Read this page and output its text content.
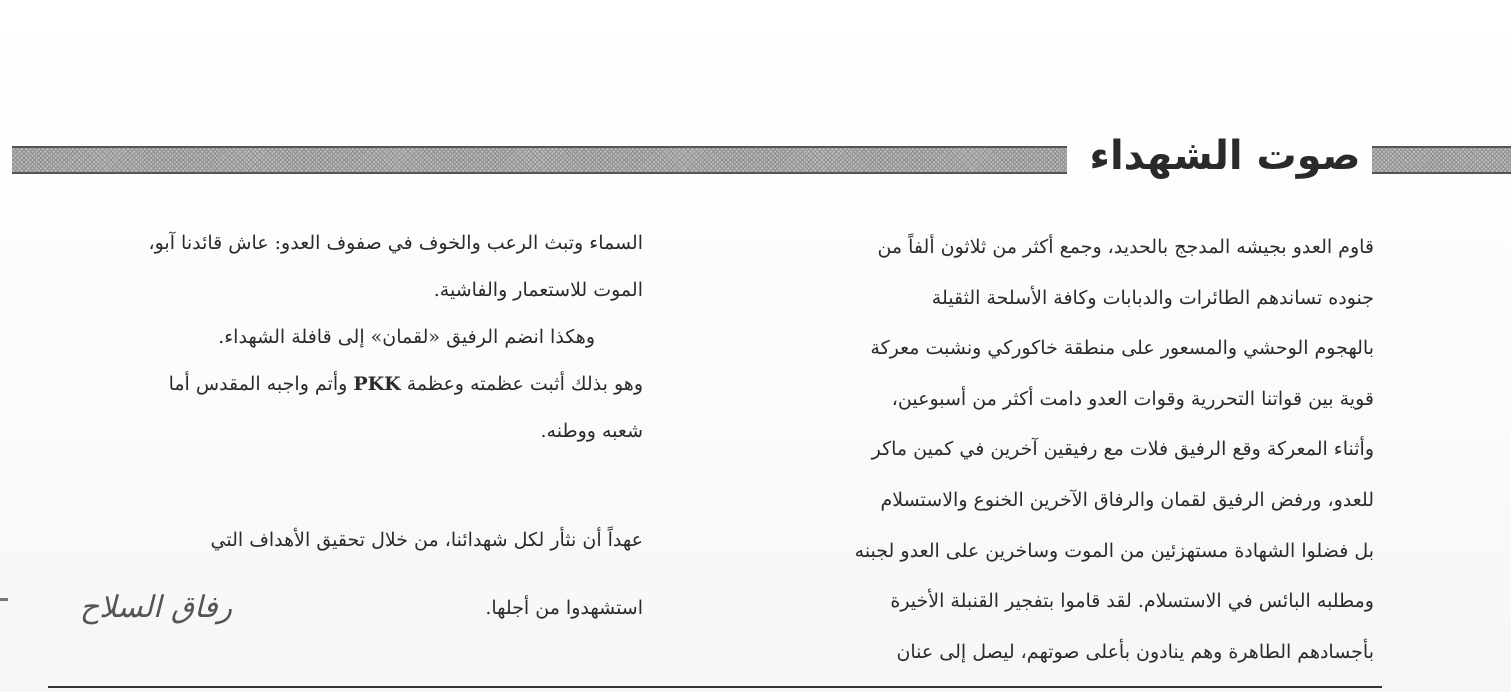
صوت الشهداء
قاوم العدو بجيشه المدجج بالحديد، وجمع أكثر من ثلاثون ألفاً من
جنوده تساندهم الطائرات والدبابات وكافة الأسلحة الثقيلة
بالهجوم الوحشي والمسعور على منطقة خاكوركي ونشبت معركة
قوية بين قواتنا التحررية وقوات العدو دامت أكثر من أسبوعين،
وأثناء المعركة وقع الرفيق فلات مع رفيقين آخرين في كمين ماكر
للعدو، ورفض الرفيق لقمان والرفاق الآخرين الخنوع والاستسلام
بل فضلوا الشهادة مستهزئين من الموت وساخرين على العدو لجبنه
ومطلبه البائس في الاستسلام. لقد قاموا بتفجير القنبلة الأخيرة
بأجسادهم الطاهرة وهم ينادون بأعلى صوتهم، ليصل إلى عنان
السماء وتبث الرعب والخوف في صفوف العدو: عاش قائدنا آبو،
الموت للاستعمار والفاشية.
وهكذا انضم الرفيق «لقمان» إلى قافلة الشهداء.
وهو بذلك أثبت عظمته وعظمة PKK وأتم واجبه المقدس أما
شعبه ووطنه.
عهداً أن نثأر لكل شهدائنا، من خلال تحقيق الأهداف التي
استشهدوا من أجلها.
رفاق السلاح
